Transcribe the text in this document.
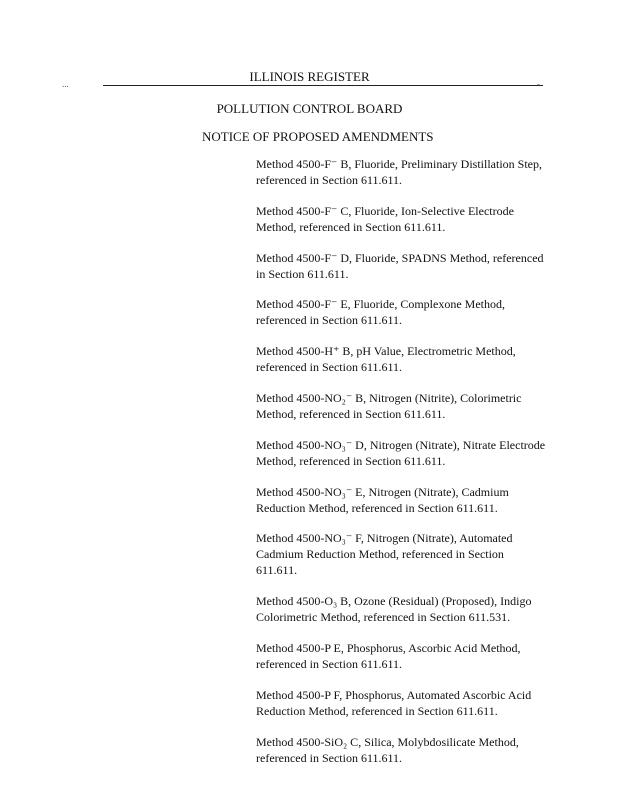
ILLINOIS REGISTER
...	-
POLLUTION CONTROL BOARD
NOTICE OF PROPOSED AMENDMENTS
Method 4500-F⁻ B, Fluoride, Preliminary Distillation Step,
referenced in Section 611.611.
Method 4500-F⁻ C, Fluoride, Ion-Selective Electrode
Method, referenced in Section 611.611.
Method 4500-F⁻ D, Fluoride, SPADNS Method, referenced
in Section 611.611.
Method 4500-F⁻ E, Fluoride, Complexone Method,
referenced in Section 611.611.
Method 4500-H⁺ B, pH Value, Electrometric Method,
referenced in Section 611.611.
Method 4500-NO₂⁻ B, Nitrogen (Nitrite), Colorimetric
Method, referenced in Section 611.611.
Method 4500-NO₃⁻ D, Nitrogen (Nitrate), Nitrate Electrode
Method, referenced in Section 611.611.
Method 4500-NO₃⁻ E, Nitrogen (Nitrate), Cadmium
Reduction Method, referenced in Section 611.611.
Method 4500-NO₃⁻ F, Nitrogen (Nitrate), Automated
Cadmium Reduction Method, referenced in Section
611.611.
Method 4500-O₃ B, Ozone (Residual) (Proposed), Indigo
Colorimetric Method, referenced in Section 611.531.
Method 4500-P E, Phosphorus, Ascorbic Acid Method,
referenced in Section 611.611.
Method 4500-P F, Phosphorus, Automated Ascorbic Acid
Reduction Method, referenced in Section 611.611.
Method 4500-SiO₂ C, Silica, Molybdosilicate Method,
referenced in Section 611.611.
